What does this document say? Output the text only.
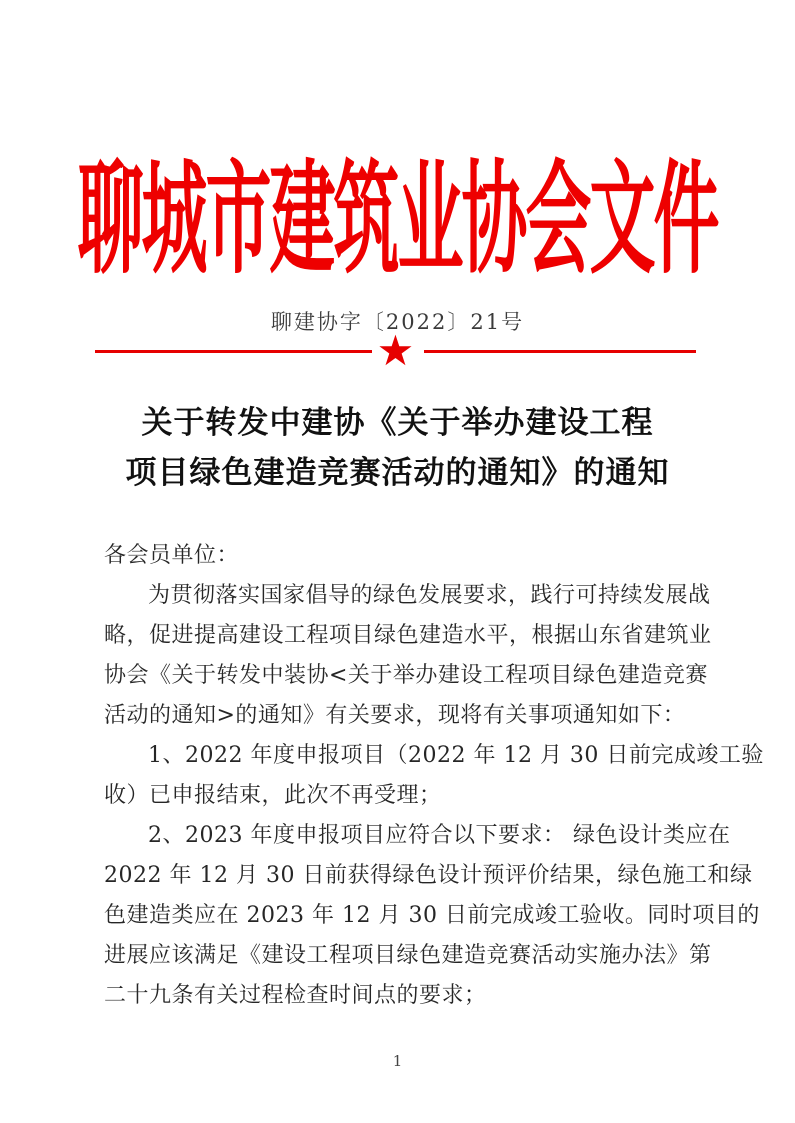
聊城市建筑业协会文件
聊建协字〔2022〕21号
★
关于转发中建协《关于举办建设工程
项目绿色建造竞赛活动的通知》的通知
各会员单位：
为贯彻落实国家倡导的绿色发展要求，践行可持续发展战
略，促进提高建设工程项目绿色建造水平，根据山东省建筑业
协会《关于转发中装协<关于举办建设工程项目绿色建造竞赛
活动的通知>的通知》有关要求，现将有关事项通知如下：
1、2022 年度申报项目（2022 年 12 月 30 日前完成竣工验
收）已申报结束，此次不再受理；
2、2023 年度申报项目应符合以下要求： 绿色设计类应在
2022 年 12 月 30 日前获得绿色设计预评价结果，绿色施工和绿
色建造类应在 2023 年 12 月 30 日前完成竣工验收。同时项目的
进展应该满足《建设工程项目绿色建造竞赛活动实施办法》第
二十九条有关过程检查时间点的要求；
1
